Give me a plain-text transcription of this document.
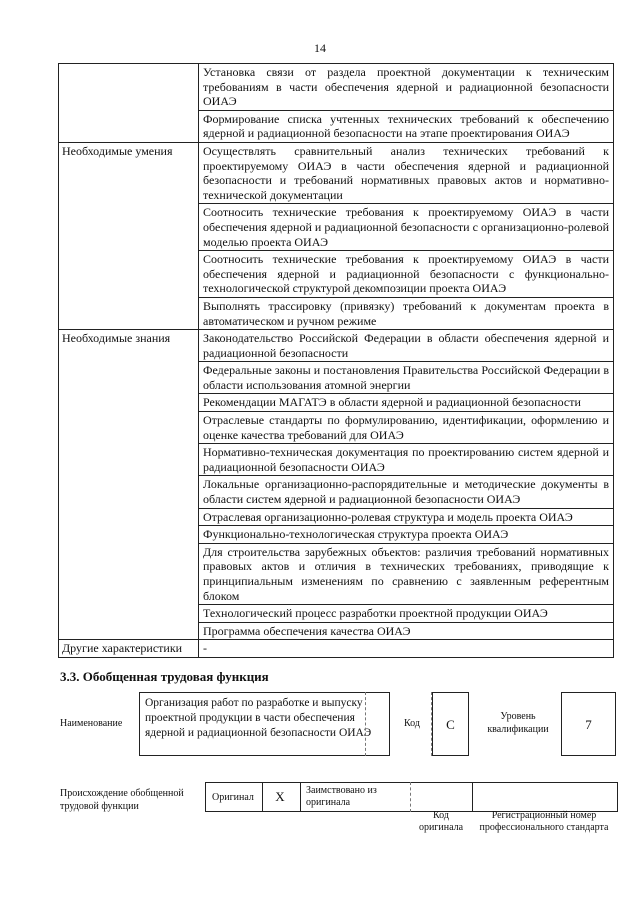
14
	Установка связи от раздела проектной документации к техническим требованиям в части обеспечения ядерной и радиационной безопасности ОИАЭ
	Формирование списка учтенных технических требований к обеспечению ядерной и радиационной безопасности на этапе проектирования ОИАЭ
Необходимые умения	Осуществлять сравнительный анализ технических требований к проектируемому ОИАЭ в части обеспечения ядерной и радиационной безопасности и требований нормативных правовых актов и нормативно-технической документации
	Соотносить технические требования к проектируемому ОИАЭ в части обеспечения ядерной и радиационной безопасности с организационно-ролевой моделью проекта ОИАЭ
	Соотносить технические требования к проектируемому ОИАЭ в части обеспечения ядерной и радиационной безопасности с функционально-технологической структурой декомпозиции проекта ОИАЭ
	Выполнять трассировку (привязку) требований к документам проекта в автоматическом и ручном режиме
Необходимые знания	Законодательство Российской Федерации в области обеспечения ядерной и радиационной безопасности
	Федеральные законы и постановления Правительства Российской Федерации в области использования атомной энергии
	Рекомендации МАГАТЭ в области ядерной и радиационной безопасности
	Отраслевые стандарты по формулированию, идентификации, оформлению и оценке качества требований для ОИАЭ
	Нормативно-техническая документация по проектированию систем ядерной и радиационной безопасности ОИАЭ
	Локальные организационно-распорядительные и методические документы в области систем ядерной и радиационной безопасности ОИАЭ
	Отраслевая организационно-ролевая структура и модель проекта ОИАЭ
	Функционально-технологическая структура проекта ОИАЭ
	Для строительства зарубежных объектов: различия требований нормативных правовых актов и отличия в технических требованиях, приводящие к принципиальным изменениям по сравнению с заявленным референтным блоком
	Технологический процесс разработки проектной продукции ОИАЭ
	Программа обеспечения качества ОИАЭ
Другие характеристики	-
3.3. Обобщенная трудовая функция
Наименование
Организация работ по разработке и выпуску проектной продукции в части обеспечения ядерной и радиационной безопасности ОИАЭ
Код	C
Уровень квалификации	7
Происхождение обобщенной трудовой функции
Оригинал	X	Заимствовано из оригинала
Код оригинала
Регистрационный номер профессионального стандарта
